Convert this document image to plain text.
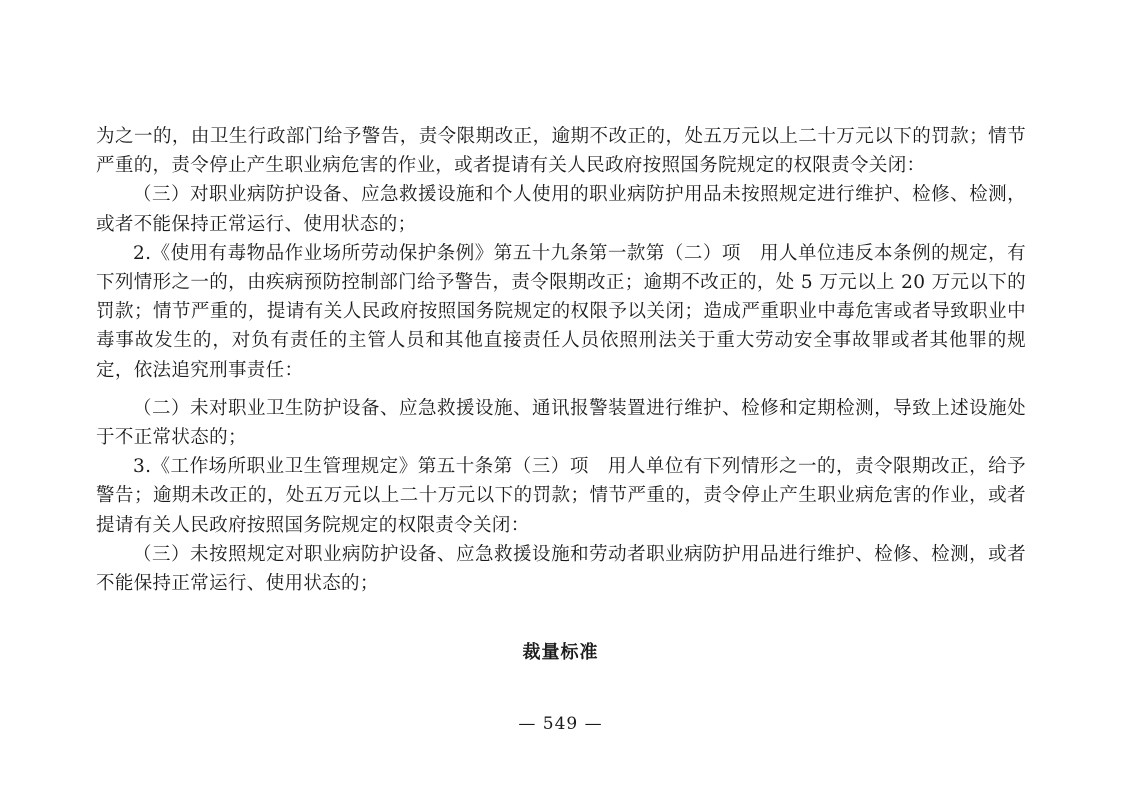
为之一的，由卫生行政部门给予警告，责令限期改正，逾期不改正的，处五万元以上二十万元以下的罚款；情节严重的，责令停止产生职业病危害的作业，或者提请有关人民政府按照国务院规定的权限责令关闭：

（三）对职业病防护设备、应急救援设施和个人使用的职业病防护用品未按照规定进行维护、检修、检测，或者不能保持正常运行、使用状态的；

2.《使用有毒物品作业场所劳动保护条例》第五十九条第一款第（二）项　用人单位违反本条例的规定，有下列情形之一的，由疾病预防控制部门给予警告，责令限期改正；逾期不改正的，处 5 万元以上 20 万元以下的罚款；情节严重的，提请有关人民政府按照国务院规定的权限予以关闭；造成严重职业中毒危害或者导致职业中毒事故发生的，对负有责任的主管人员和其他直接责任人员依照刑法关于重大劳动安全事故罪或者其他罪的规定，依法追究刑事责任：

（二）未对职业卫生防护设备、应急救援设施、通讯报警装置进行维护、检修和定期检测，导致上述设施处于不正常状态的；

3.《工作场所职业卫生管理规定》第五十条第（三）项　用人单位有下列情形之一的，责令限期改正，给予警告；逾期未改正的，处五万元以上二十万元以下的罚款；情节严重的，责令停止产生职业病危害的作业，或者提请有关人民政府按照国务院规定的权限责令关闭：

（三）未按照规定对职业病防护设备、应急救援设施和劳动者职业病防护用品进行维护、检修、检测，或者不能保持正常运行、使用状态的；

裁量标准
— 549 —
